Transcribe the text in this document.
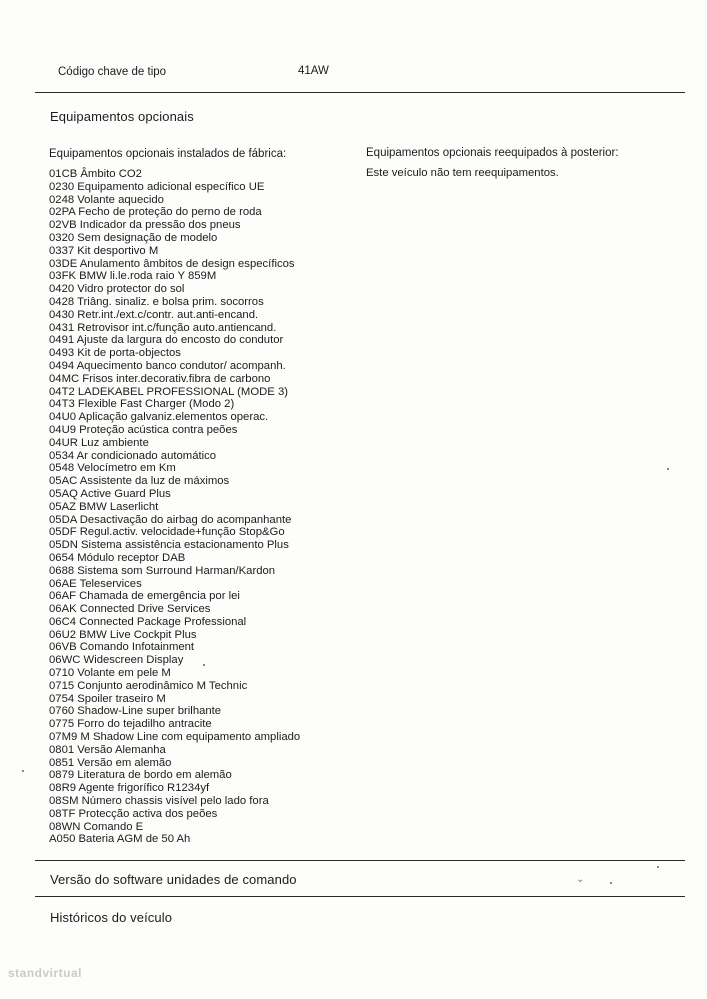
Código chave de tipo	41AW
Equipamentos opcionais
Equipamentos opcionais instalados de fábrica:	Equipamentos opcionais reequipados à posterior:
Este veículo não tem reequipamentos.
01CB Âmbito CO2
0230 Equipamento adicional específico UE
0248 Volante aquecido
02PA Fecho de proteção do perno de roda
02VB Indicador da pressão dos pneus
0320 Sem designação de modelo
0337 Kit desportivo M
03DE Anulamento âmbitos de design específicos
03FK BMW li.le.roda raio Y 859M
0420 Vidro protector do sol
0428 Triâng. sinaliz. e bolsa prim. socorros
0430 Retr.int./ext.c/contr. aut.anti-encand.
0431 Retrovisor int.c/função auto.antiencand.
0491 Ajuste da largura do encosto do condutor
0493 Kit de porta-objectos
0494 Aquecimento banco condutor/ acompanh.
04MC Frisos inter.decorativ.fibra de carbono
04T2 LADEKABEL PROFESSIONAL (MODE 3)
04T3 Flexible Fast Charger (Modo 2)
04U0 Aplicação galvaniz.elementos operac.
04U9 Proteção acústica contra peões
04UR Luz ambiente
0534 Ar condicionado automático
0548 Velocímetro em Km
05AC Assistente da luz de máximos
05AQ Active Guard Plus
05AZ BMW Laserlicht
05DA Desactivação do airbag do acompanhante
05DF Regul.activ. velocidade+função Stop&Go
05DN Sistema assistência estacionamento Plus
0654 Módulo receptor DAB
0688 Sistema som Surround Harman/Kardon
06AE Teleservices
06AF Chamada de emergência por lei
06AK Connected Drive Services
06C4 Connected Package Professional
06U2 BMW Live Cockpit Plus
06VB Comando Infotainment
06WC Widescreen Display
0710 Volante em pele M
0715 Conjunto aerodinâmico M Technic
0754 Spoiler traseiro M
0760 Shadow-Line super brilhante
0775 Forro do tejadilho antracite
07M9 M Shadow Line com equipamento ampliado
0801 Versão Alemanha
0851 Versão em alemão
0879 Literatura de bordo em alemão
08R9 Agente frigorífico R1234yf
08SM Número chassis visível pelo lado fora
08TF Protecção activa dos peões
08WN Comando E
A050 Bateria AGM de 50 Ah
Versão do software unidades de comando	⌄
Históricos do veículo
standvirtual
